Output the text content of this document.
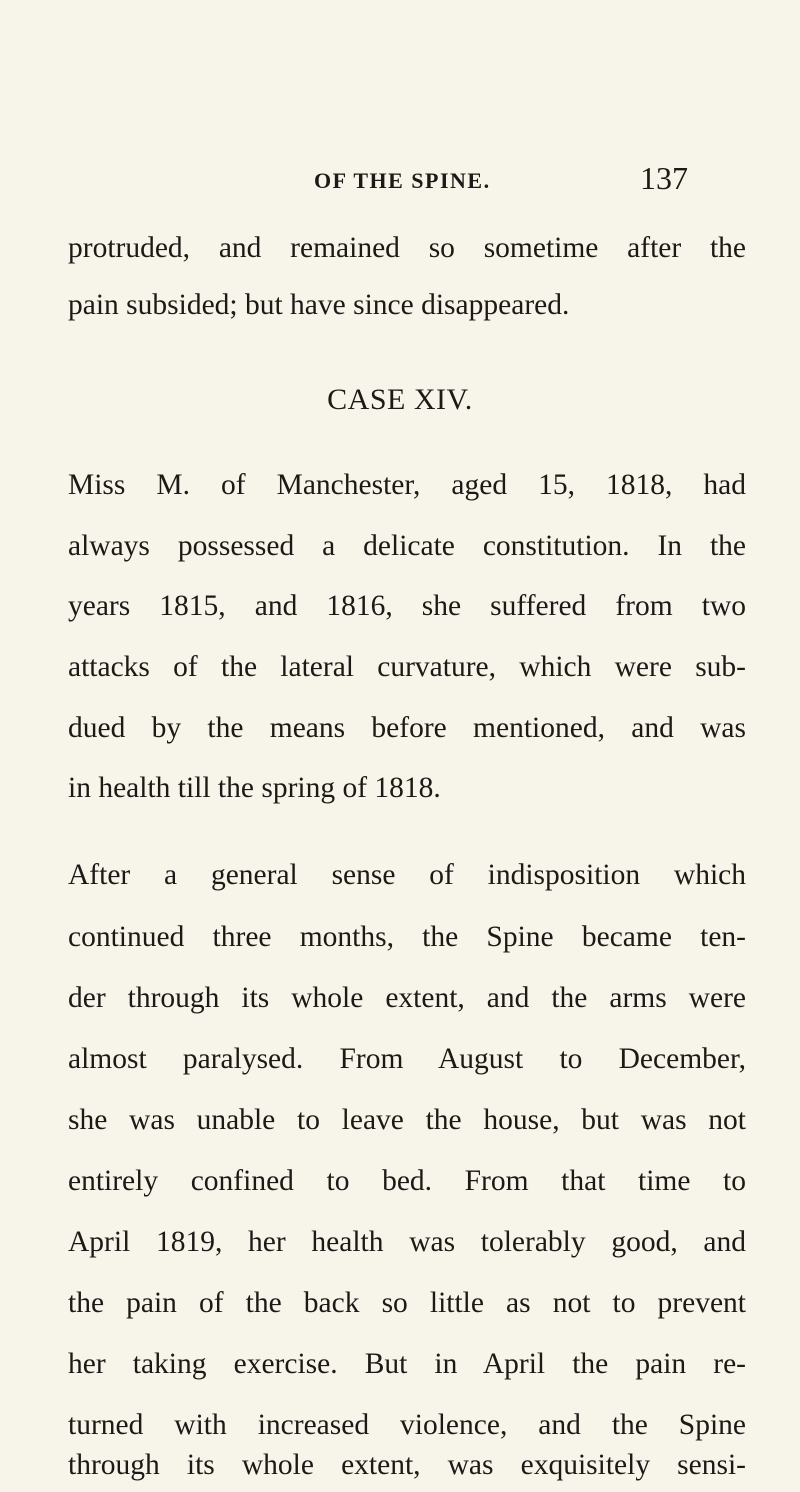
OF THE SPINE.	137
protruded, and remained so sometime after the
pain subsided; but have since disappeared.
CASE XIV.
Miss M. of Manchester, aged 15, 1818, had
always possessed a delicate constitution. In the
years 1815, and 1816, she suffered from two
attacks of the lateral curvature, which were sub-
dued by the means before mentioned, and was
in health till the spring of 1818.
After a general sense of indisposition which
continued three months, the Spine became ten-
der through its whole extent, and the arms were
almost paralysed. From August to December,
she was unable to leave the house, but was not
entirely confined to bed. From that time to
April 1819, her health was tolerably good, and
the pain of the back so little as not to prevent
her taking exercise. But in April the pain re-
turned with increased violence, and the Spine
through its whole extent, was exquisitely sensi-
